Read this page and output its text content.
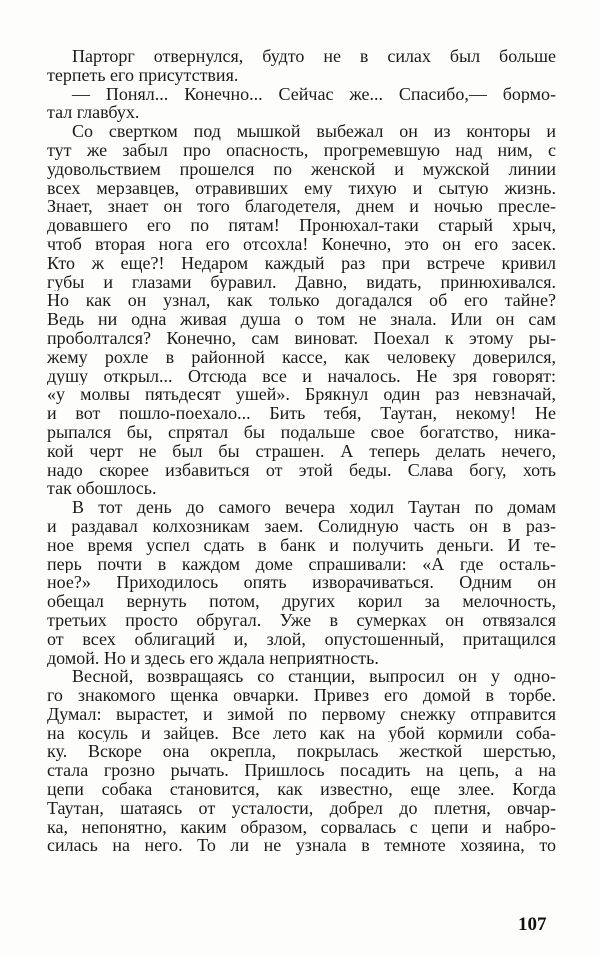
Парторг отвернулся, будто не в силах был больше
терпеть его присутствия.
— Понял... Конечно... Сейчас же... Спасибо,— бормо-
тал главбух.
Со свертком под мышкой выбежал он из конторы и
тут же забыл про опасность, прогремевшую над ним, с
удовольствием прошелся по женской и мужской линии
всех мерзавцев, отравивших ему тихую и сытую жизнь.
Знает, знает он того благодетеля, днем и ночью пресле-
довавшего его по пятам! Пронюхал-таки старый хрыч,
чтоб вторая нога его отсохла! Конечно, это он его засек.
Кто ж еще?! Недаром каждый раз при встрече кривил
губы и глазами буравил. Давно, видать, принюхивался.
Но как он узнал, как только догадался об его тайне?
Ведь ни одна живая душа о том не знала. Или он сам
проболтался? Конечно, сам виноват. Поехал к этому ры-
жему рохле в районной кассе, как человеку доверился,
душу открыл... Отсюда все и началось. Не зря говорят:
«у молвы пятьдесят ушей». Брякнул один раз невзначай,
и вот пошло-поехало... Бить тебя, Таутан, некому! Не
рыпался бы, спрятал бы подальше свое богатство, ника-
кой черт не был бы страшен. А теперь делать нечего,
надо скорее избавиться от этой беды. Слава богу, хоть
так обошлось.
В тот день до самого вечера ходил Таутан по домам
и раздавал колхозникам заем. Солидную часть он в раз-
ное время успел сдать в банк и получить деньги. И те-
перь почти в каждом доме спрашивали: «А где осталь-
ное?» Приходилось опять изворачиваться. Одним он
обещал вернуть потом, других корил за мелочность,
третьих просто обругал. Уже в сумерках он отвязался
от всех облигаций и, злой, опустошенный, притащился
домой. Но и здесь его ждала неприятность.
Весной, возвращаясь со станции, выпросил он у одно-
го знакомого щенка овчарки. Привез его домой в торбе.
Думал: вырастет, и зимой по первому снежку отправится
на косуль и зайцев. Все лето как на убой кормили соба-
ку. Вскоре она окрепла, покрылась жесткой шерстью,
стала грозно рычать. Пришлось посадить на цепь, а на
цепи собака становится, как известно, еще злее. Когда
Таутан, шатаясь от усталости, добрел до плетня, овчар-
ка, непонятно, каким образом, сорвалась с цепи и набро-
силась на него. То ли не узнала в темноте хозяина, то
107
